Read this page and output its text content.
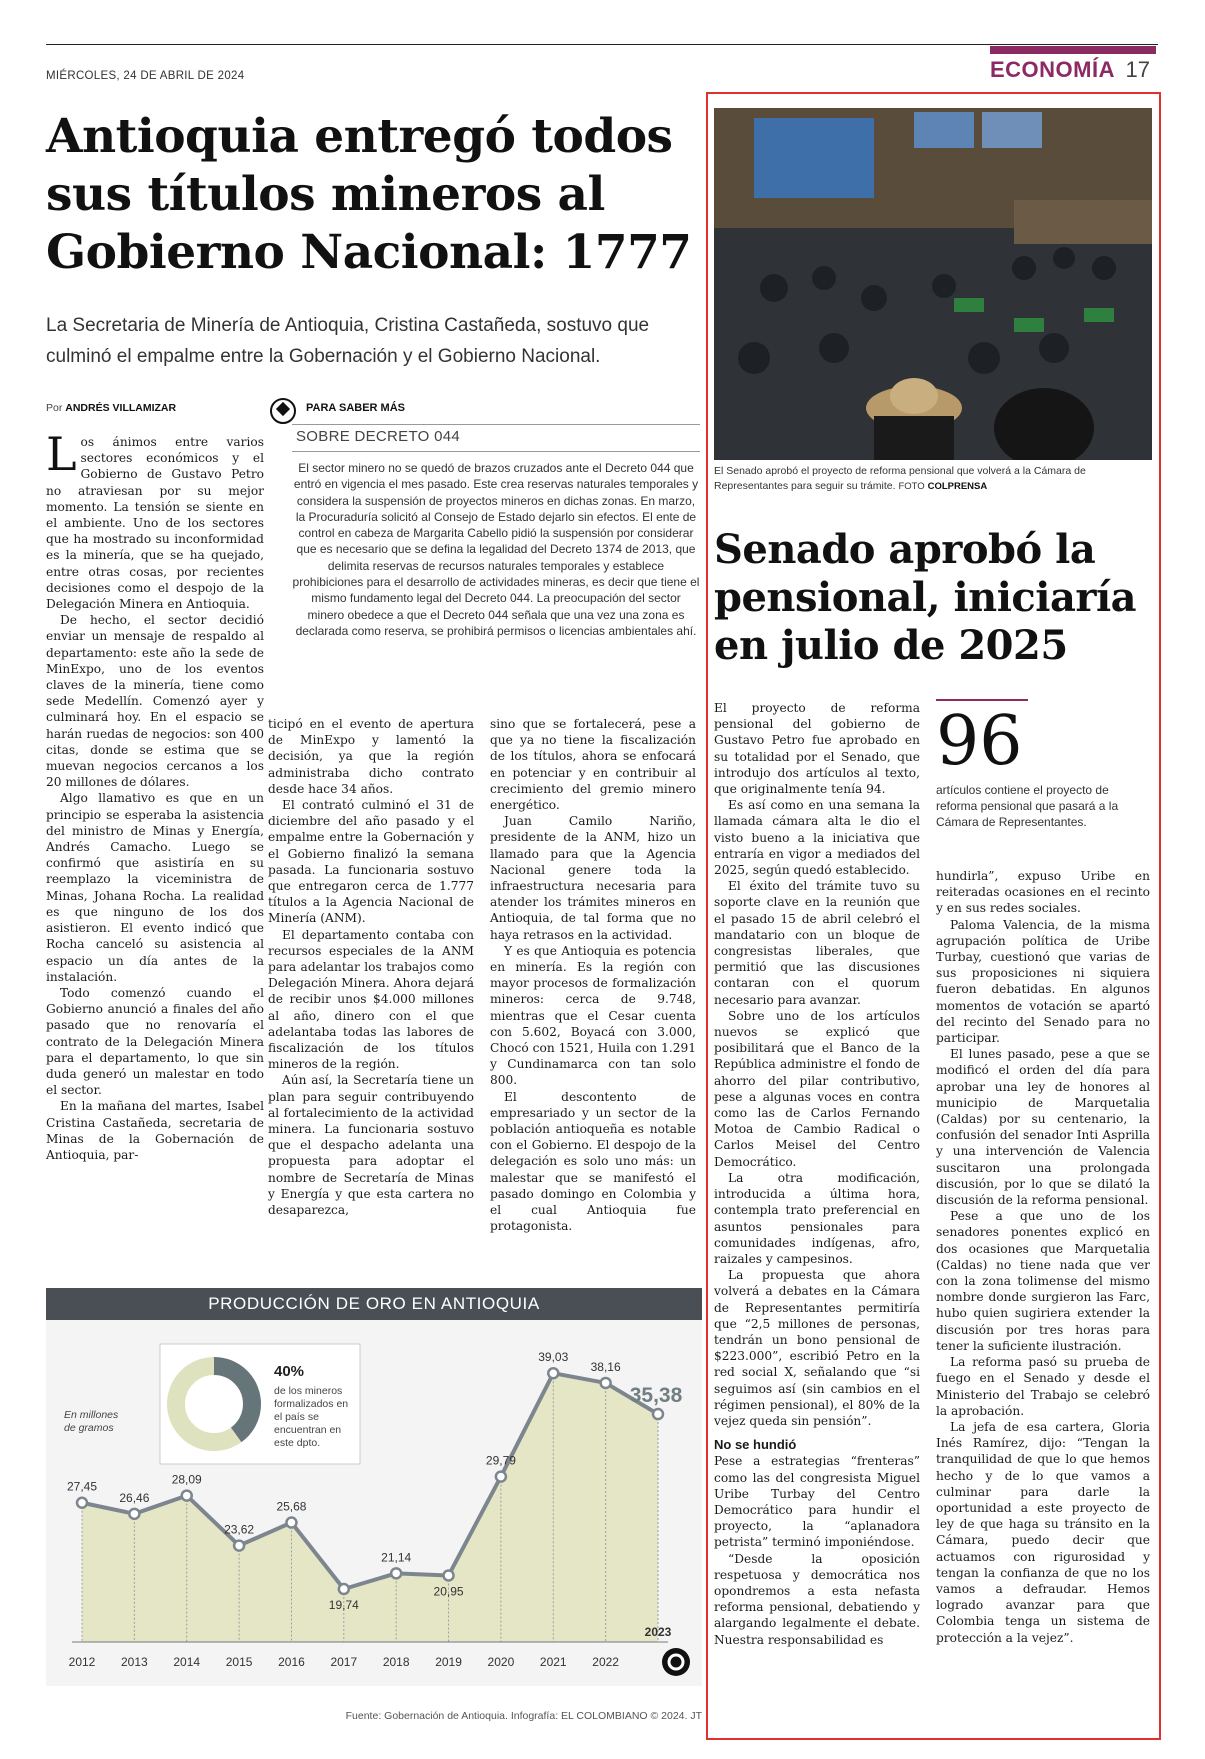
MIÉRCOLES, 24 DE ABRIL DE 2024	ECONOMÍA 17
Antioquia entregó todos sus títulos mineros al Gobierno Nacional: 1777
La Secretaria de Minería de Antioquia, Cristina Castañeda, sostuvo que culminó el empalme entre la Gobernación y el Gobierno Nacional.
Por ANDRÉS VILLAMIZAR

Los ánimos entre varios sectores económicos y el Gobierno de Gustavo Petro no atraviesan por su mejor momento. La tensión se siente en el ambiente. Uno de los sectores que ha mostrado su inconformidad es la minería, que se ha quejado, entre otras cosas, por recientes decisiones como el despojo de la Delegación Minera en Antioquia.

De hecho, el sector decidió enviar un mensaje de respaldo al departamento: este año la sede de MinExpo, uno de los eventos claves de la minería, tiene como sede Medellín. Comenzó ayer y culminará hoy. En el espacio se harán ruedas de negocios: son 400 citas, donde se estima que se muevan negocios cercanos a los 20 millones de dólares.

Algo llamativo es que en un principio se esperaba la asistencia del ministro de Minas y Energía, Andrés Camacho. Luego se confirmó que asistiría en su reemplazo la viceministra de Minas, Johana Rocha. La realidad es que ninguno de los dos asistieron. El evento indicó que Rocha canceló su asistencia al espacio un día antes de la instalación.

Todo comenzó cuando el Gobierno anunció a finales del año pasado que no renovaría el contrato de la Delegación Minera para el departamento, lo que sin duda generó un malestar en todo el sector.

En la mañana del martes, Isabel Cristina Castañeda, secretaria de Minas de la Gobernación de Antioquia, par-

PARA SABER MÁS
SOBRE DECRETO 044
El sector minero no se quedó de brazos cruzados ante el Decreto 044 que entró en vigencia el mes pasado. Este crea reservas naturales temporales y considera la suspensión de proyectos mineros en dichas zonas. En marzo, la Procuraduría solicitó al Consejo de Estado dejarlo sin efectos. El ente de control en cabeza de Margarita Cabello pidió la suspensión por considerar que es necesario que se defina la legalidad del Decreto 1374 de 2013, que delimita reservas de recursos naturales temporales y establece prohibiciones para el desarrollo de actividades mineras, es decir que tiene el mismo fundamento legal del Decreto 044. La preocupación del sector minero obedece a que el Decreto 044 señala que una vez una zona es declarada como reserva, se prohibirá permisos o licencias ambientales ahí.

ticipó en el evento de apertura de MinExpo y lamentó la decisión, ya que la región administraba dicho contrato desde hace 34 años.

El contrató culminó el 31 de diciembre del año pasado y el empalme entre la Gobernación y el Gobierno finalizó la semana pasada. La funcionaria sostuvo que entregaron cerca de 1.777 títulos a la Agencia Nacional de Minería (ANM).

El departamento contaba con recursos especiales de la ANM para adelantar los trabajos como Delegación Minera. Ahora dejará de recibir unos $4.000 millones al año, dinero con el que adelantaba todas las labores de fiscalización de los títulos mineros de la región.

Aún así, la Secretaría tiene un plan para seguir contribuyendo al fortalecimiento de la actividad minera. La funcionaria sostuvo que el despacho adelanta una propuesta para adoptar el nombre de Secretaría de Minas y Energía y que esta cartera no desaparezca,

sino que se fortalecerá, pese a que ya no tiene la fiscalización de los títulos, ahora se enfocará en potenciar y en contribuir al crecimiento del gremio minero energético.

Juan Camilo Nariño, presidente de la ANM, hizo un llamado para que la Agencia Nacional genere toda la infraestructura necesaria para atender los trámites mineros en Antioquia, de tal forma que no haya retrasos en la actividad.

Y es que Antioquia es potencia en minería. Es la región con mayor procesos de formalización mineros: cerca de 9.748, mientras que el Cesar cuenta con 5.602, Boyacá con 3.000, Chocó con 1521, Huila con 1.291 y Cundinamarca con tan solo 800.

El descontento de empresariado y un sector de la población antioqueña es notable con el Gobierno. El despojo de la delegación es solo uno más: un malestar que se manifestó el pasado domingo en Colombia y el cual Antioquia fue protagonista.

PRODUCCIÓN DE ORO EN ANTIOQUIA
27,45
26,46
28,09
23,62
25,68
19,74
21,14
20,95
29,79
39,03
38,16
35,38
2012 2013 2014 2015 2016 2017 2018 2019 2020 2021 2022
2023
En millones
de gramos
40%
de los mineros
formalizados en
el país se
encuentran en
este dpto.
Fuente: Gobernación de Antioquia. Infografía: EL COLOMBIANO © 2024. JT
El Senado aprobó el proyecto de reforma pensional que volverá a la Cámara de Representantes para seguir su trámite. FOTO COLPRENSA
Senado aprobó la pensional, iniciaría en julio de 2025
96
artículos contiene el proyecto de reforma pensional que pasará a la Cámara de Representantes.

El proyecto de reforma pensional del gobierno de Gustavo Petro fue aprobado en su totalidad por el Senado, que introdujo dos artículos al texto, que originalmente tenía 94.

Es así como en una semana la llamada cámara alta le dio el visto bueno a la iniciativa que entraría en vigor a mediados del 2025, según quedó establecido.

El éxito del trámite tuvo su soporte clave en la reunión que el pasado 15 de abril celebró el mandatario con un bloque de congresistas liberales, que permitió que las discusiones contaran con el quorum necesario para avanzar.

Sobre uno de los artículos nuevos se explicó que posibilitará que el Banco de la República administre el fondo de ahorro del pilar contributivo, pese a algunas voces en contra como las de Carlos Fernando Motoa de Cambio Radical o Carlos Meisel del Centro Democrático.

La otra modificación, introducida a última hora, contempla trato preferencial en asuntos pensionales para comunidades indígenas, afro, raizales y campesinos.

La propuesta que ahora volverá a debates en la Cámara de Representantes permitiría que “2,5 millones de personas, tendrán un bono pensional de $223.000”, escribió Petro en la red social X, señalando que “si seguimos así (sin cambios en el régimen pensional), el 80% de la vejez queda sin pensión”.

No se hundió

Pese a estrategias “frenteras” como las del congresista Miguel Uribe Turbay del Centro Democrático para hundir el proyecto, la “aplanadora petrista” terminó imponiéndose.

“Desde la oposición respetuosa y democrática nos opondremos a esta nefasta reforma pensional, debatiendo y alargando legalmente el debate. Nuestra responsabilidad es

hundirla”, expuso Uribe en reiteradas ocasiones en el recinto y en sus redes sociales.

Paloma Valencia, de la misma agrupación política de Uribe Turbay, cuestionó que varias de sus proposiciones ni siquiera fueron debatidas. En algunos momentos de votación se apartó del recinto del Senado para no participar.

El lunes pasado, pese a que se modificó el orden del día para aprobar una ley de honores al municipio de Marquetalia (Caldas) por su centenario, la confusión del senador Inti Asprilla y una intervención de Valencia suscitaron una prolongada discusión, por lo que se dilató la discusión de la reforma pensional.

Pese a que uno de los senadores ponentes explicó en dos ocasiones que Marquetalia (Caldas) no tiene nada que ver con la zona tolimense del mismo nombre donde surgieron las Farc, hubo quien sugiriera extender la discusión por tres horas para tener la suficiente ilustración.

La reforma pasó su prueba de fuego en el Senado y desde el Ministerio del Trabajo se celebró la aprobación.

La jefa de esa cartera, Gloria Inés Ramírez, dijo: “Tengan la tranquilidad de que lo que hemos hecho y de lo que vamos a culminar para darle la oportunidad a este proyecto de ley de que haga su tránsito en la Cámara, puedo decir que actuamos con rigurosidad y tengan la confianza de que no los vamos a defraudar. Hemos logrado avanzar para que Colombia tenga un sistema de protección a la vejez”.
